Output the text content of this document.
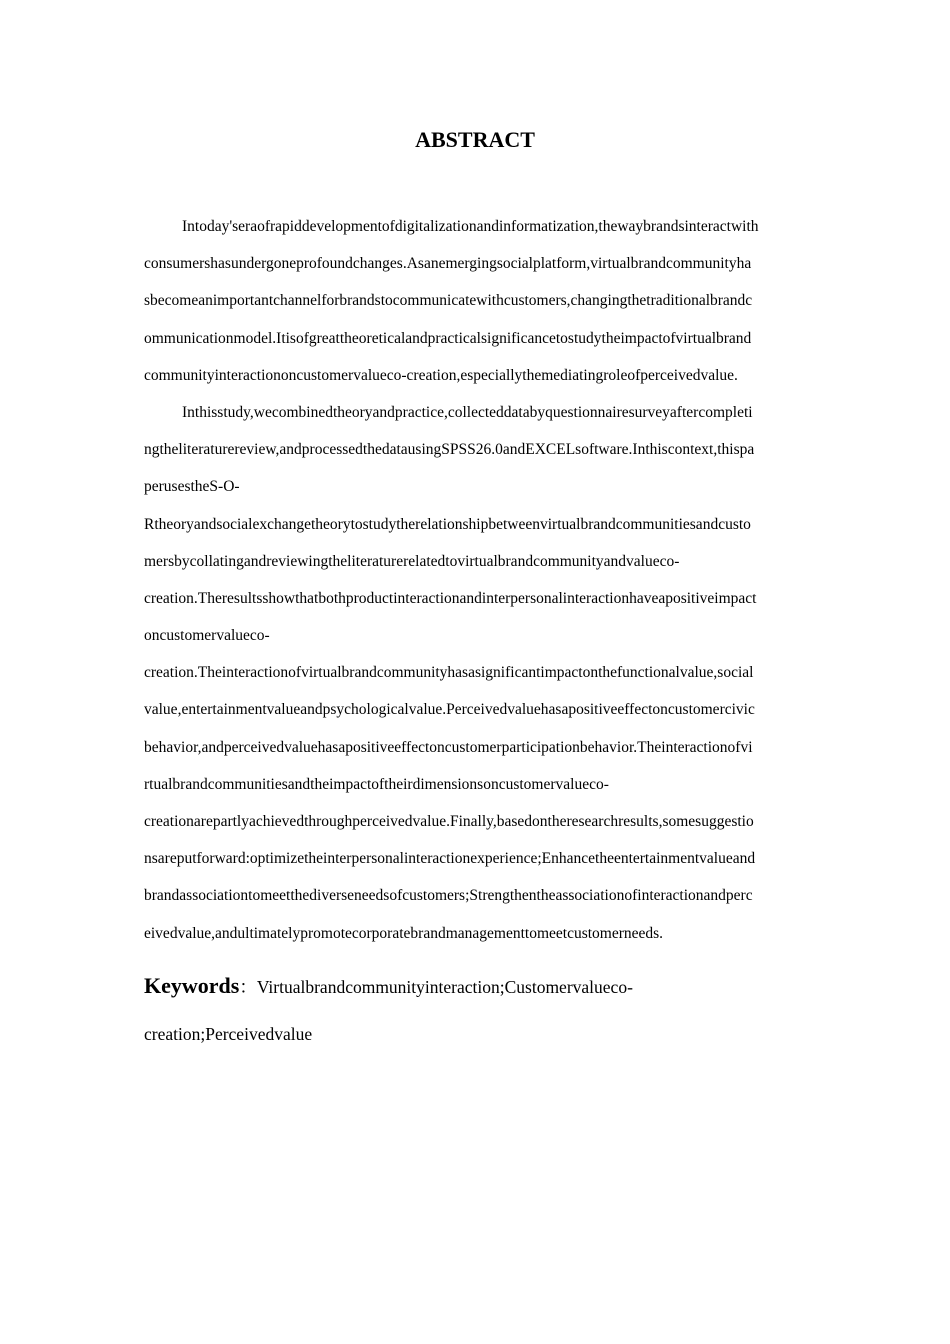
ABSTRACT
Intoday'seraofrapiddevelopmentofdigitalizationandinformatization,thewaybrandsinteractwith
consumershasundergoneprofoundchanges.Asanemergingsocialplatform,virtualbrandcommunityha
sbecomeanimportantchannelforbrandstocommunicatewithcustomers,changingthetraditionalbrandc
ommunicationmodel.Itisofgreattheoreticalandpracticalsignificancetostudytheimpactofvirtualbrand
communityinteractiononcustomervalueco-creation,especiallythemediatingroleofperceivedvalue.
Inthisstudy,wecombinedtheoryandpractice,collecteddatabyquestionnairesurveyaftercompleti
ngtheliteraturereview,andprocessedthedatausingSPSS26.0andEXCELsoftware.Inthiscontext,thispa
perusestheS-O-
Rtheoryandsocialexchangetheorytostudytherelationshipbetweenvirtualbrandcommunitiesandcusto
mersbycollatingandreviewingtheliteraturerelatedtovirtualbrandcommunityandvalueco-
creation.Theresultsshowthatbothproductinteractionandinterpersonalinteractionhaveapositiveimpact
oncustomervalueco-
creation.Theinteractionofvirtualbrandcommunityhasasignificantimpactonthefunctionalvalue,social
value,entertainmentvalueandpsychologicalvalue.Perceivedvaluehasapositiveeffectoncustomercivic
behavior,andperceivedvaluehasapositiveeffectoncustomerparticipationbehavior.Theinteractionofvi
rtualbrandcommunitiesandtheimpactoftheirdimensionsoncustomervalueco-
creationarepartlyachievedthroughperceivedvalue.Finally,basedontheresearchresults,somesuggestio
nsareputforward:optimizetheinterpersonalinteractionexperience;Enhancetheentertainmentvalueand
brandassociationtomeetthediverseneedsofcustomers;Strengthentheassociationofinteractionandperc
eivedvalue,andultimatelypromotecorporatebrandmanagementtomeetcustomerneeds.
Keywords：Virtualbrandcommunityinteraction;Customervalueco-
creation;Perceivedvalue
